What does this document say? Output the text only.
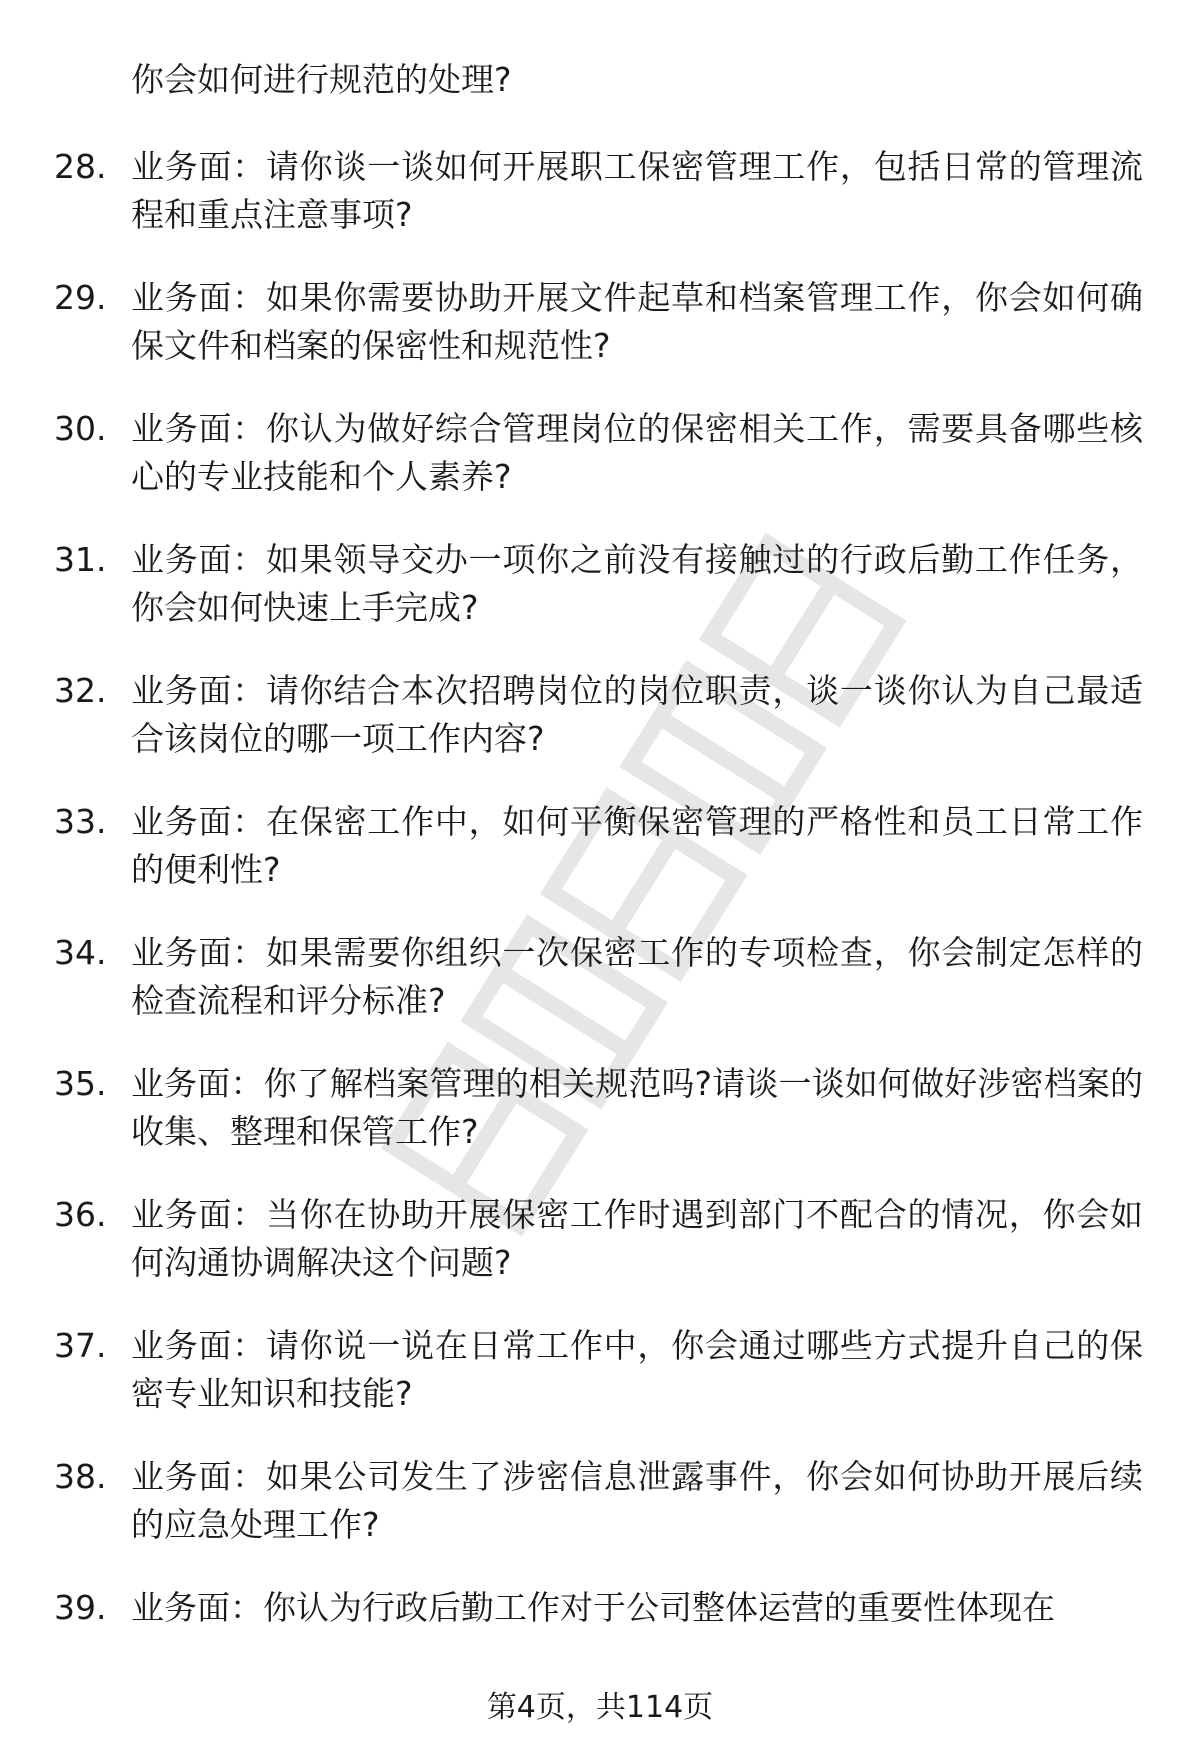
你会如何进行规范的处理?
28. 业务面：请你谈一谈如何开展职工保密管理工作，包括日常的管理流程和重点注意事项?
29. 业务面：如果你需要协助开展文件起草和档案管理工作，你会如何确保文件和档案的保密性和规范性?
30. 业务面：你认为做好综合管理岗位的保密相关工作，需要具备哪些核心的专业技能和个人素养?
31. 业务面：如果领导交办一项你之前没有接触过的行政后勤工作任务，你会如何快速上手完成?
32. 业务面：请你结合本次招聘岗位的岗位职责，谈一谈你认为自己最适合该岗位的哪一项工作内容?
33. 业务面：在保密工作中，如何平衡保密管理的严格性和员工日常工作的便利性?
34. 业务面：如果需要你组织一次保密工作的专项检查，你会制定怎样的检查流程和评分标准?
35. 业务面：你了解档案管理的相关规范吗?请谈一谈如何做好涉密档案的收集、整理和保管工作?
36. 业务面：当你在协助开展保密工作时遇到部门不配合的情况，你会如何沟通协调解决这个问题?
37. 业务面：请你说一说在日常工作中，你会通过哪些方式提升自己的保密专业知识和技能?
38. 业务面：如果公司发生了涉密信息泄露事件，你会如何协助开展后续的应急处理工作?
39. 业务面：你认为行政后勤工作对于公司整体运营的重要性体现在
第4页，共114页
